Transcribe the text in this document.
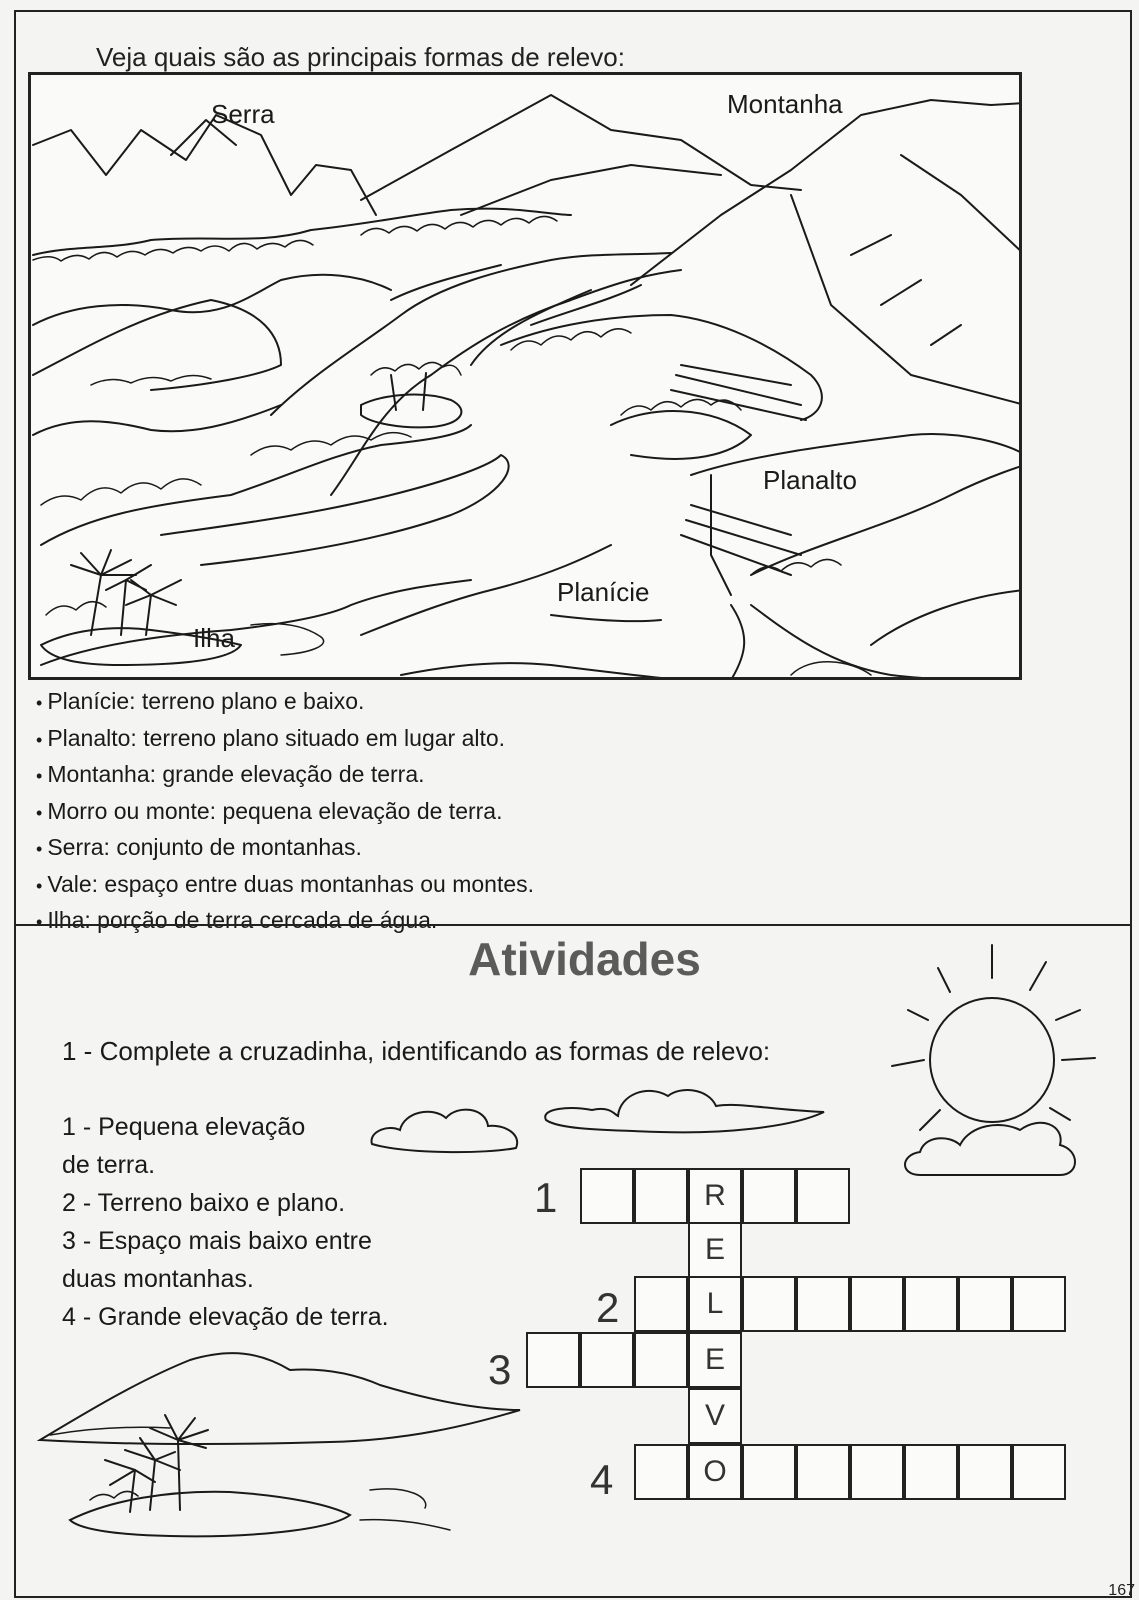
Veja quais são as principais formas de relevo:
Serra	Montanha
Planalto
Planície
Ilha
• Planície: terreno plano e baixo.
• Planalto: terreno plano situado em lugar alto.
• Montanha: grande elevação de terra.
• Morro ou monte: pequena elevação de terra.
• Serra: conjunto de montanhas.
• Vale: espaço entre duas montanhas ou montes.
• Ilha: porção de terra cercada de água.
Atividades
1 - Complete a cruzadinha, identificando as formas de relevo:
1 - Pequena elevação
de terra.
2 - Terreno baixo e plano.
3 - Espaço mais baixo entre
duas montanhas.
4 - Grande elevação de terra.
1
2
3
4
R
E
L
E
V
O
167
